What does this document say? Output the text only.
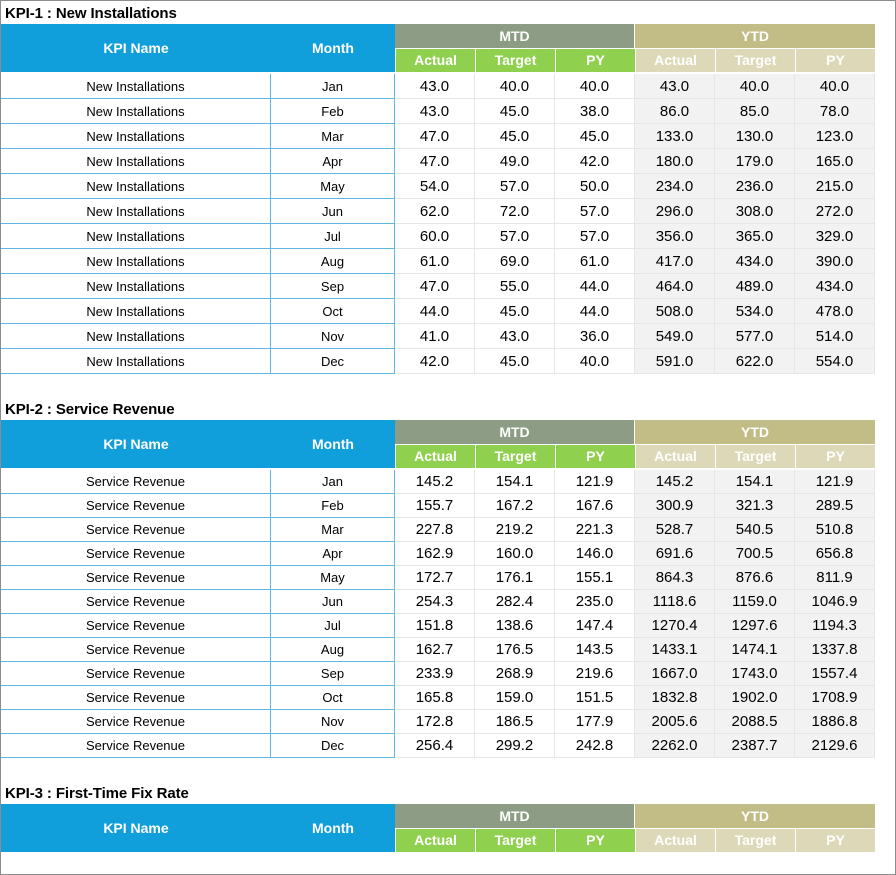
KPI-1 : New Installations
KPI Name	Month
MTD	YTD
Actual	Target	PY	Actual	Target	PY
New Installations	Jan	43.0	40.0	40.0	43.0	40.0	40.0
New Installations	Feb	43.0	45.0	38.0	86.0	85.0	78.0
New Installations	Mar	47.0	45.0	45.0	133.0	130.0	123.0
New Installations	Apr	47.0	49.0	42.0	180.0	179.0	165.0
New Installations	May	54.0	57.0	50.0	234.0	236.0	215.0
New Installations	Jun	62.0	72.0	57.0	296.0	308.0	272.0
New Installations	Jul	60.0	57.0	57.0	356.0	365.0	329.0
New Installations	Aug	61.0	69.0	61.0	417.0	434.0	390.0
New Installations	Sep	47.0	55.0	44.0	464.0	489.0	434.0
New Installations	Oct	44.0	45.0	44.0	508.0	534.0	478.0
New Installations	Nov	41.0	43.0	36.0	549.0	577.0	514.0
New Installations	Dec	42.0	45.0	40.0	591.0	622.0	554.0
KPI-2 : Service Revenue
KPI Name	Month
MTD	YTD
Actual	Target	PY	Actual	Target	PY
Service Revenue	Jan	145.2	154.1	121.9	145.2	154.1	121.9
Service Revenue	Feb	155.7	167.2	167.6	300.9	321.3	289.5
Service Revenue	Mar	227.8	219.2	221.3	528.7	540.5	510.8
Service Revenue	Apr	162.9	160.0	146.0	691.6	700.5	656.8
Service Revenue	May	172.7	176.1	155.1	864.3	876.6	811.9
Service Revenue	Jun	254.3	282.4	235.0	1118.6	1159.0	1046.9
Service Revenue	Jul	151.8	138.6	147.4	1270.4	1297.6	1194.3
Service Revenue	Aug	162.7	176.5	143.5	1433.1	1474.1	1337.8
Service Revenue	Sep	233.9	268.9	219.6	1667.0	1743.0	1557.4
Service Revenue	Oct	165.8	159.0	151.5	1832.8	1902.0	1708.9
Service Revenue	Nov	172.8	186.5	177.9	2005.6	2088.5	1886.8
Service Revenue	Dec	256.4	299.2	242.8	2262.0	2387.7	2129.6
KPI-3 : First-Time Fix Rate
KPI Name	Month
MTD	YTD
Actual	Target	PY	Actual	Target	PY
